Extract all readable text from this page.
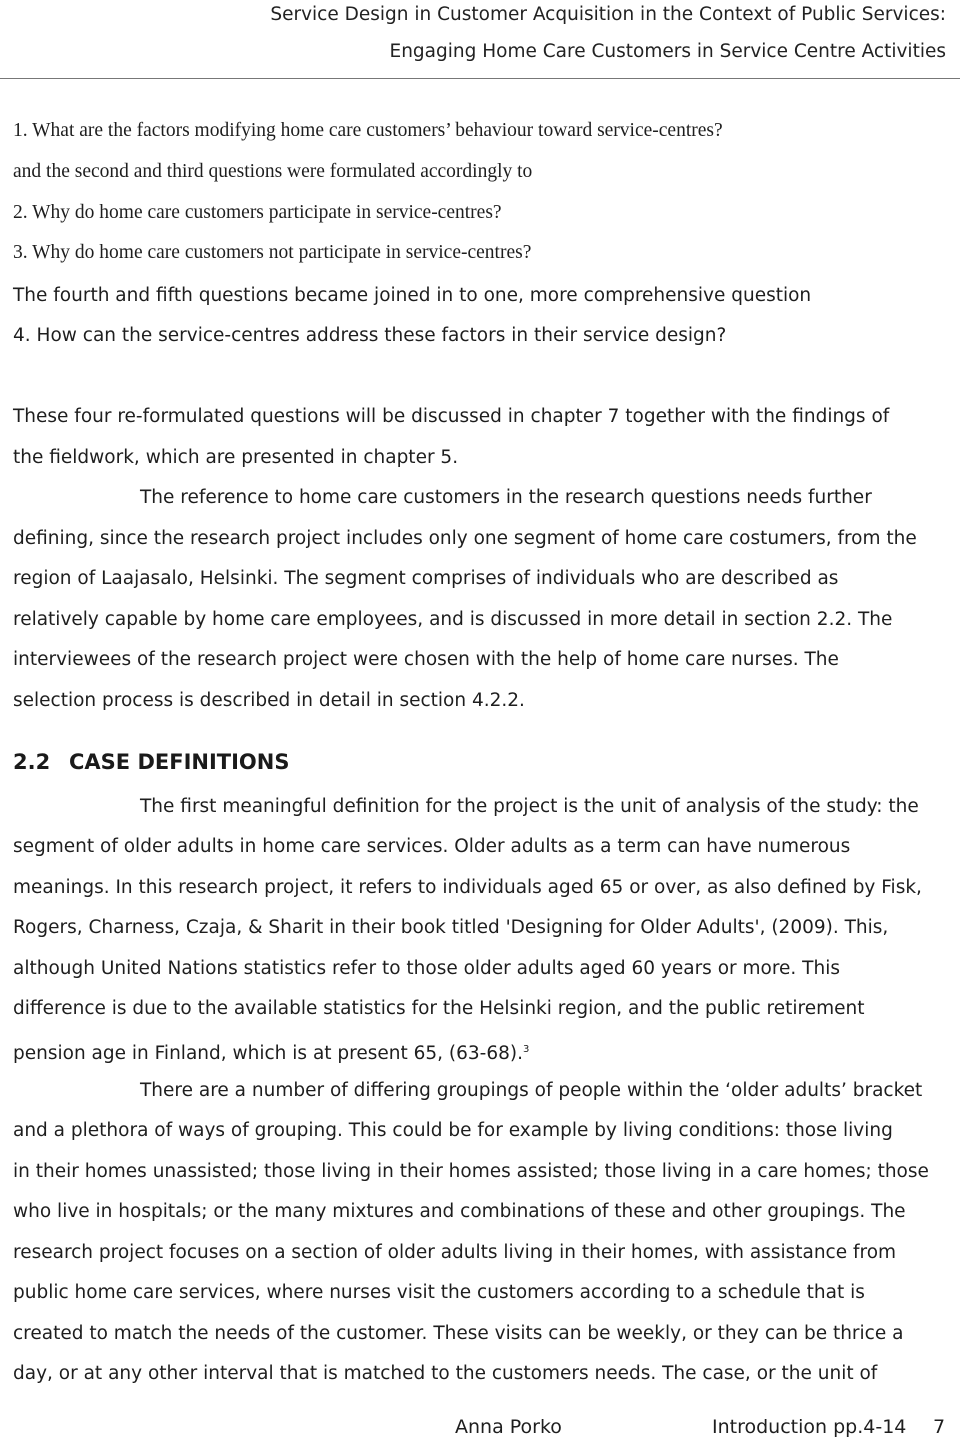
Service Design in Customer Acquisition in the Context of Public Services:
Engaging Home Care Customers in Service Centre Activities
1. What are the factors modifying home care customers’ behaviour toward service-centres?
and the second and third questions were formulated accordingly to
2. Why do home care customers participate in service-centres?
3. Why do home care customers not participate in service-centres?
The fourth and fifth questions became joined in to one, more comprehensive question
4. How can the service-centres address these factors in their service design?
These four re-formulated questions will be discussed in chapter 7 together with the findings of
the fieldwork, which are presented in chapter 5.
The reference to home care customers in the research questions needs further
defining, since the research project includes only one segment of home care costumers, from the
region of Laajasalo, Helsinki. The segment comprises of individuals who are described as
relatively capable by home care employees, and is discussed in more detail in section 2.2. The
interviewees of the research project were chosen with the help of home care nurses. The
selection process is described in detail in section 4.2.2.
2.2 CASE DEFINITIONS
The first meaningful definition for the project is the unit of analysis of the study: the
segment of older adults in home care services. Older adults as a term can have numerous
meanings. In this research project, it refers to individuals aged 65 or over, as also defined by Fisk,
Rogers, Charness, Czaja, & Sharit in their book titled 'Designing for Older Adults', (2009). This,
although United Nations statistics refer to those older adults aged 60 years or more. This
difference is due to the available statistics for the Helsinki region, and the public retirement
pension age in Finland, which is at present 65, (63-68).$^3$
There are a number of differing groupings of people within the ‘older adults’ bracket
and a plethora of ways of grouping. This could be for example by living conditions: those living
in their homes unassisted; those living in their homes assisted; those living in a care homes; those
who live in hospitals; or the many mixtures and combinations of these and other groupings. The
research project focuses on a section of older adults living in their homes, with assistance from
public home care services, where nurses visit the customers according to a schedule that is
created to match the needs of the customer. These visits can be weekly, or they can be thrice a
day, or at any other interval that is matched to the customers needs. The case, or the unit of
Anna Porko	Introduction pp.4-14 7
